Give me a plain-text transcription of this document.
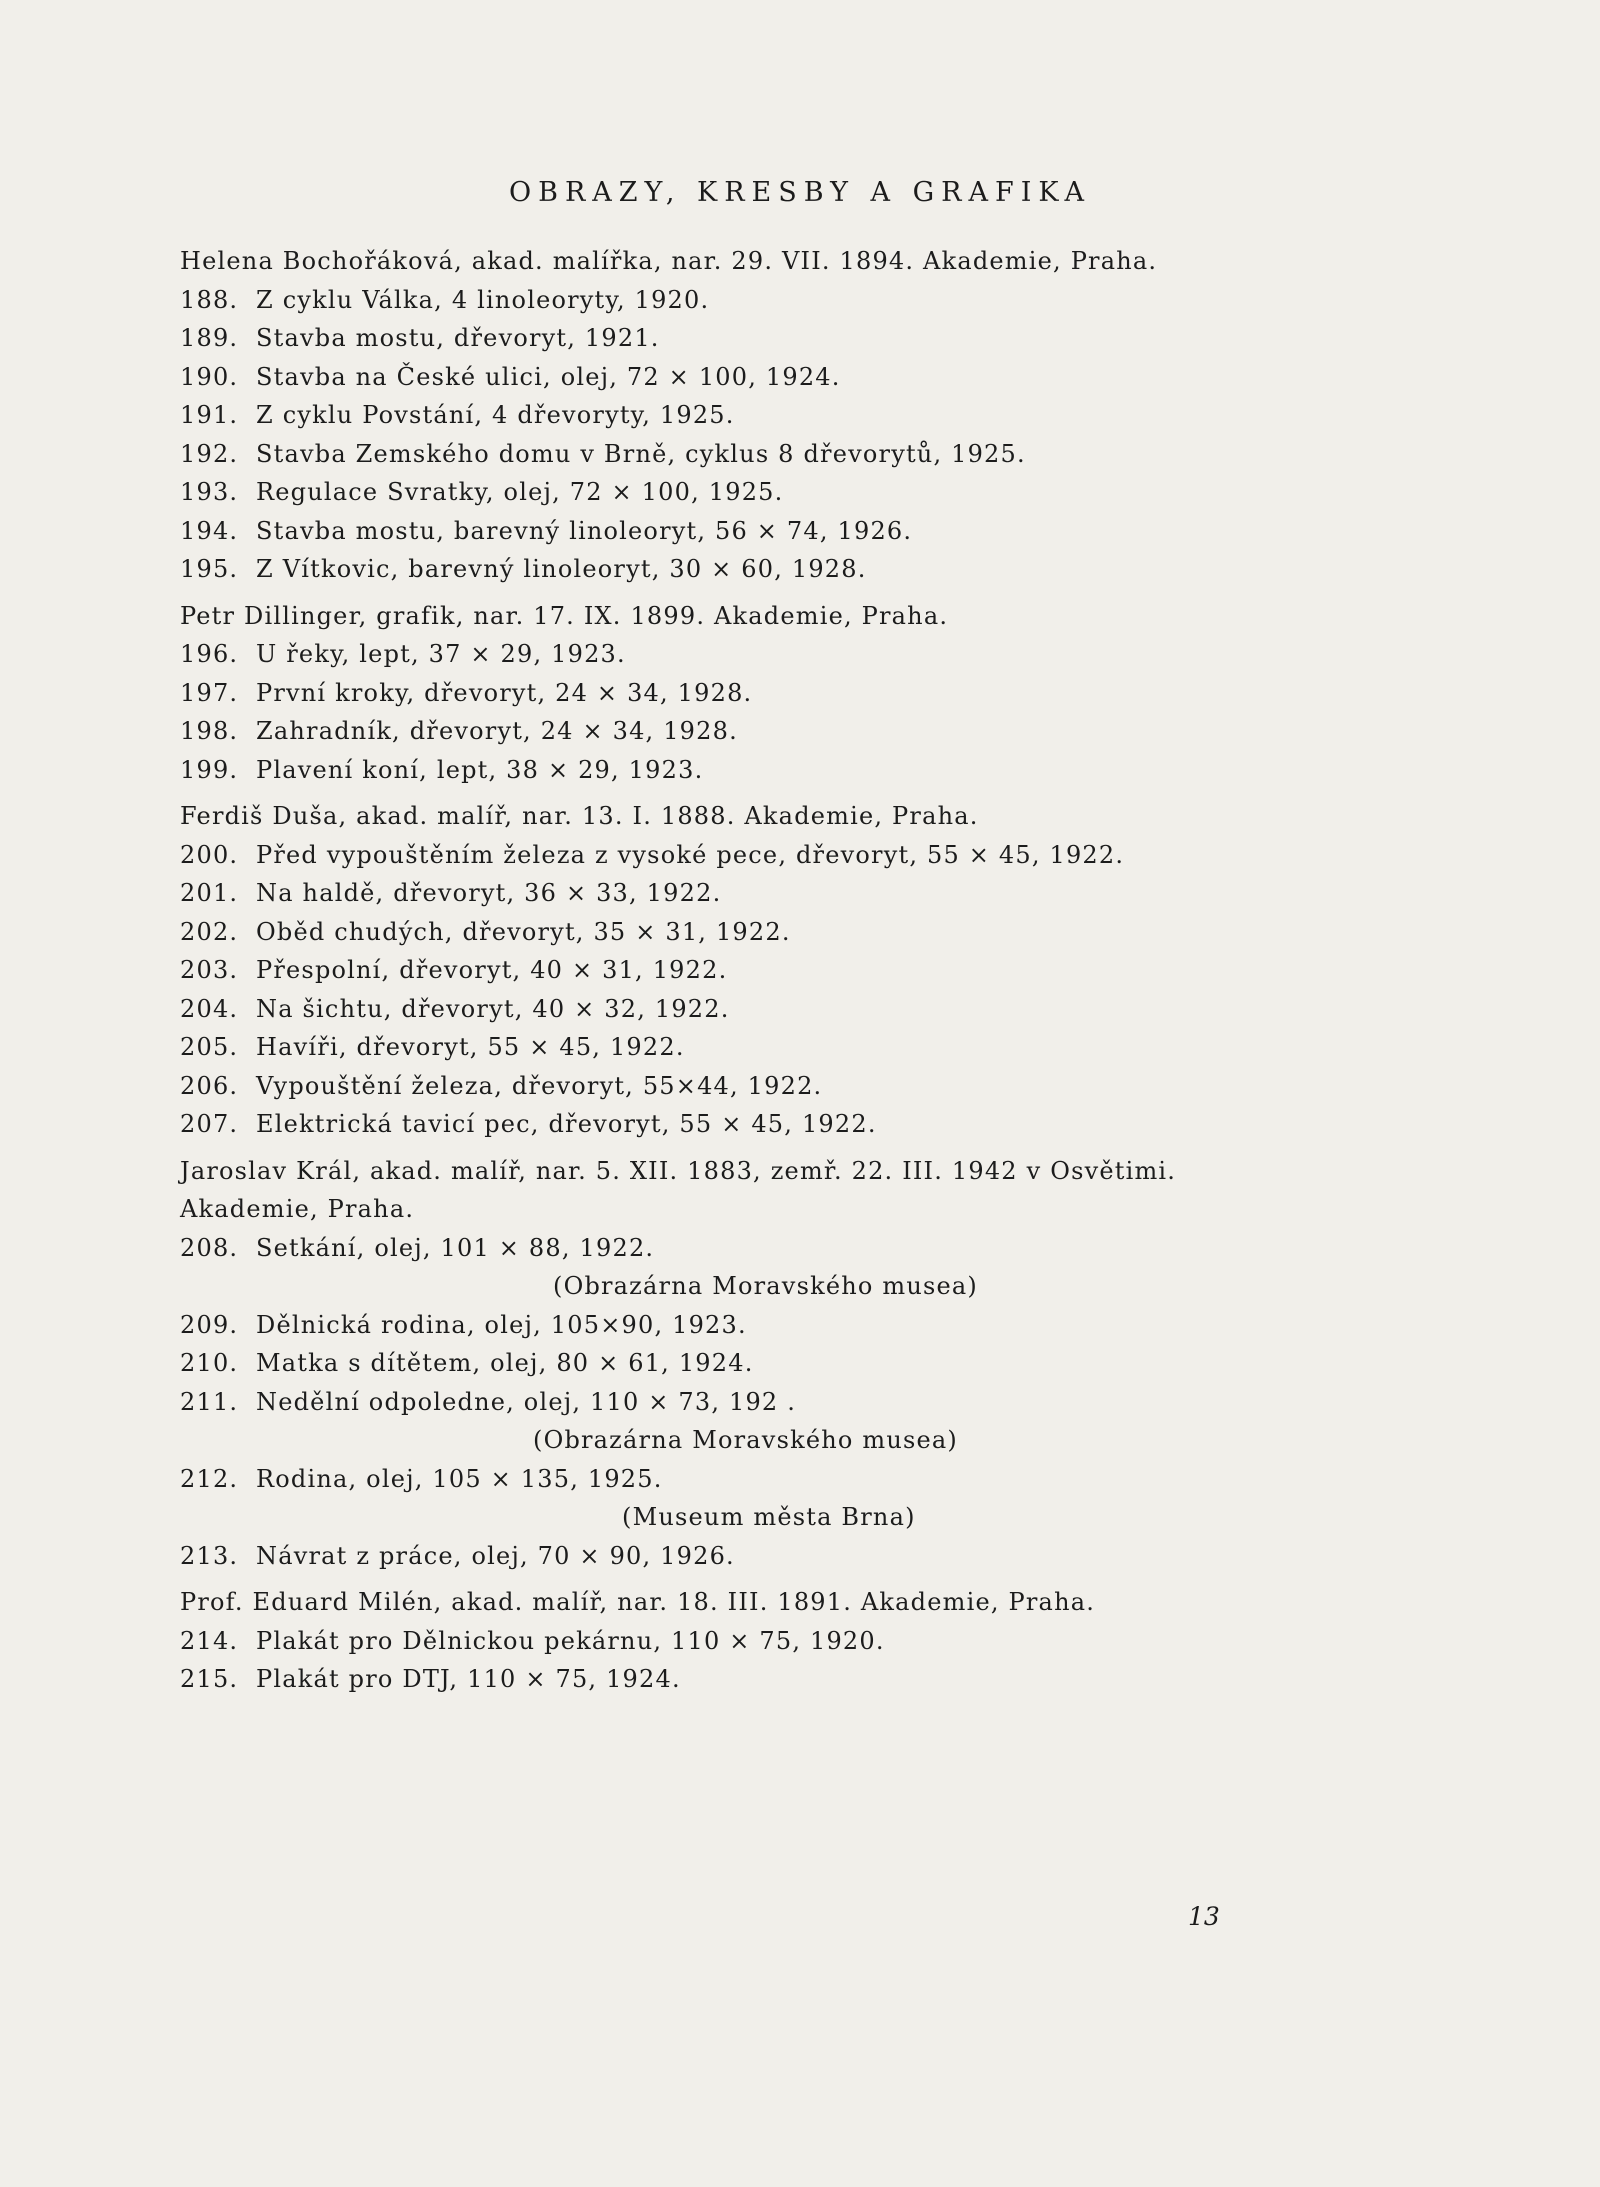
OBRAZY, KRESBY A GRAFIKA
Helena Bochořáková, akad. malířka, nar. 29. VII. 1894. Akademie, Praha.
188. Z cyklu Válka, 4 linoleoryty, 1920.
189. Stavba mostu, dřevoryt, 1921.
190. Stavba na České ulici, olej, 72 × 100, 1924.
191. Z cyklu Povstání, 4 dřevoryty, 1925.
192. Stavba Zemského domu v Brně, cyklus 8 dřevorytů, 1925.
193. Regulace Svratky, olej, 72 × 100, 1925.
194. Stavba mostu, barevný linoleoryt, 56 × 74, 1926.
195. Z Vítkovic, barevný linoleoryt, 30 × 60, 1928.
Petr Dillinger, grafik, nar. 17. IX. 1899. Akademie, Praha.
196. U řeky, lept, 37 × 29, 1923.
197. První kroky, dřevoryt, 24 × 34, 1928.
198. Zahradník, dřevoryt, 24 × 34, 1928.
199. Plavení koní, lept, 38 × 29, 1923.
Ferdiš Duša, akad. malíř, nar. 13. I. 1888. Akademie, Praha.
200. Před vypouštěním železa z vysoké pece, dřevoryt, 55 × 45, 1922.
201. Na haldě, dřevoryt, 36 × 33, 1922.
202. Oběd chudých, dřevoryt, 35 × 31, 1922.
203. Přespolní, dřevoryt, 40 × 31, 1922.
204. Na šichtu, dřevoryt, 40 × 32, 1922.
205. Havíři, dřevoryt, 55 × 45, 1922.
206. Vypouštění železa, dřevoryt, 55×44, 1922.
207. Elektrická tavicí pec, dřevoryt, 55 × 45, 1922.
Jaroslav Král, akad. malíř, nar. 5. XII. 1883, zemř. 22. III. 1942 v Osvětimi.
Akademie, Praha.
208. Setkání, olej, 101 × 88, 1922.
(Obrazárna Moravského musea)
209. Dělnická rodina, olej, 105×90, 1923.
210. Matka s dítětem, olej, 80 × 61, 1924.
211. Nedělní odpoledne, olej, 110 × 73, 192 .
(Obrazárna Moravského musea)
212. Rodina, olej, 105 × 135, 1925.
(Museum města Brna)
213. Návrat z práce, olej, 70 × 90, 1926.
Prof. Eduard Milén, akad. malíř, nar. 18. III. 1891. Akademie, Praha.
214. Plakát pro Dělnickou pekárnu, 110 × 75, 1920.
215. Plakát pro DTJ, 110 × 75, 1924.
13
